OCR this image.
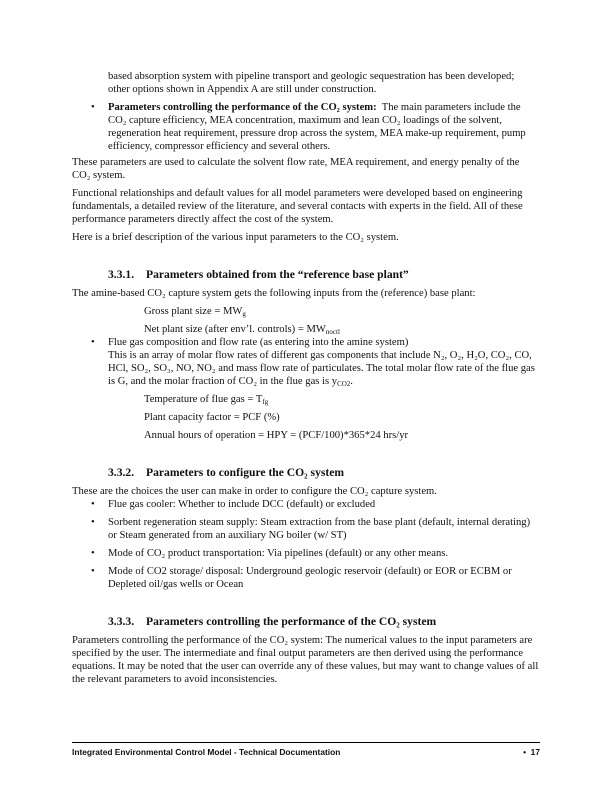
based absorption system with pipeline transport and geologic sequestration has been developed;

other options shown in Appendix A are still under construction.

• Parameters controlling the performance of the CO₂ system: The main parameters include the CO₂ capture efficiency, MEA concentration, maximum and lean CO₂ loadings of the solvent, regeneration heat requirement, pressure drop across the system, MEA make-up requirement, pump efficiency, compressor efficiency and several others.

These parameters are used to calculate the solvent flow rate, MEA requirement, and energy penalty of the CO₂ system.

Functional relationships and default values for all model parameters were developed based on engineering fundamentals, a detailed review of the literature, and several contacts with experts in the field. All of these performance parameters directly affect the cost of the system.

Here is a brief description of the various input parameters to the CO₂ system.

3.3.1. Parameters obtained from the “reference base plant”

The amine-based CO₂ capture system gets the following inputs from the (reference) base plant:

Gross plant size = $MW_g$

Net plant size (after env’l. controls) = $MW_{noctl}$

• Flue gas composition and flow rate (as entering into the amine system)
This is an array of molar flow rates of different gas components that include N₂, O₂, H₂O, CO₂, CO, HCl, SO₂, SO₃, NO, NO₂ and mass flow rate of particulates. The total molar flow rate of the flue gas is G, and the molar fraction of CO₂ in the flue gas is $y_{CO2}$.

Temperature of flue gas = $T_{fg}$

Plant capacity factor = PCF (%)

Annual hours of operation = HPY = (PCF/100)*365*24 hrs/yr

3.3.2. Parameters to configure the CO₂ system

These are the choices the user can make in order to configure the CO₂ capture system.

• Flue gas cooler: Whether to include DCC (default) or excluded
• Sorbent regeneration steam supply: Steam extraction from the base plant (default, internal derating) or Steam generated from an auxiliary NG boiler (w/ ST)
• Mode of CO₂ product transportation: Via pipelines (default) or any other means.
• Mode of CO2 storage/ disposal: Underground geologic reservoir (default) or EOR or ECBM or Depleted oil/gas wells or Ocean
3.3.3. Parameters controlling the performance of the CO₂ system

Parameters controlling the performance of the CO₂ system: The numerical values to the input parameters are specified by the user. The intermediate and final output parameters are then derived using the performance equations. It may be noted that the user can override any of these values, but may want to change values of all the relevant parameters to avoid inconsistencies.

Integrated Environmental Control Model - Technical Documentation	• 17
